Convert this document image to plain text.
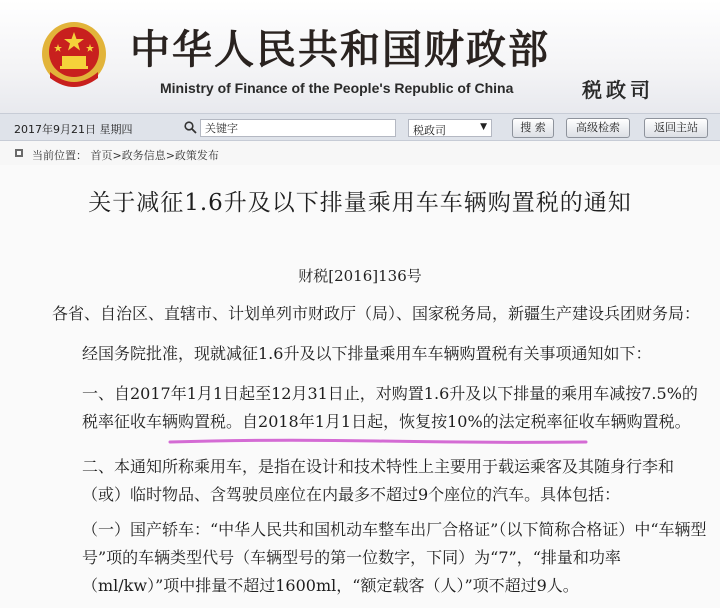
中华人民共和国财政部
Ministry of Finance of the People's Republic of China	税政司
2017年9月21日 星期四
关键字	税政司	▼	搜 索	高级检索	返回主站
当前位置： 首页>政务信息>政策发布
关于减征1.6升及以下排量乘用车车辆购置税的通知
财税[2016]136号
各省、自治区、直辖市、计划单列市财政厅（局）、国家税务局，新疆生产建设兵团财务局：
经国务院批准，现就减征1.6升及以下排量乘用车车辆购置税有关事项通知如下：
一、自2017年1月1日起至12月31日止，对购置1.6升及以下排量的乘用车减按7.5%的税率征收车辆购置税。自2018年1月1日起，恢复按10%的法定税率征收车辆购置税。
二、本通知所称乘用车，是指在设计和技术特性上主要用于载运乘客及其随身行李和（或）临时物品、含驾驶员座位在内最多不超过9个座位的汽车。具体包括：
（一）国产轿车：“中华人民共和国机动车整车出厂合格证”（以下简称合格证）中“车辆型号”项的车辆类型代号（车辆型号的第一位数字，下同）为“7”，“排量和功率（ml/kw）”项中排量不超过1600ml，“额定载客（人）”项不超过9人。
